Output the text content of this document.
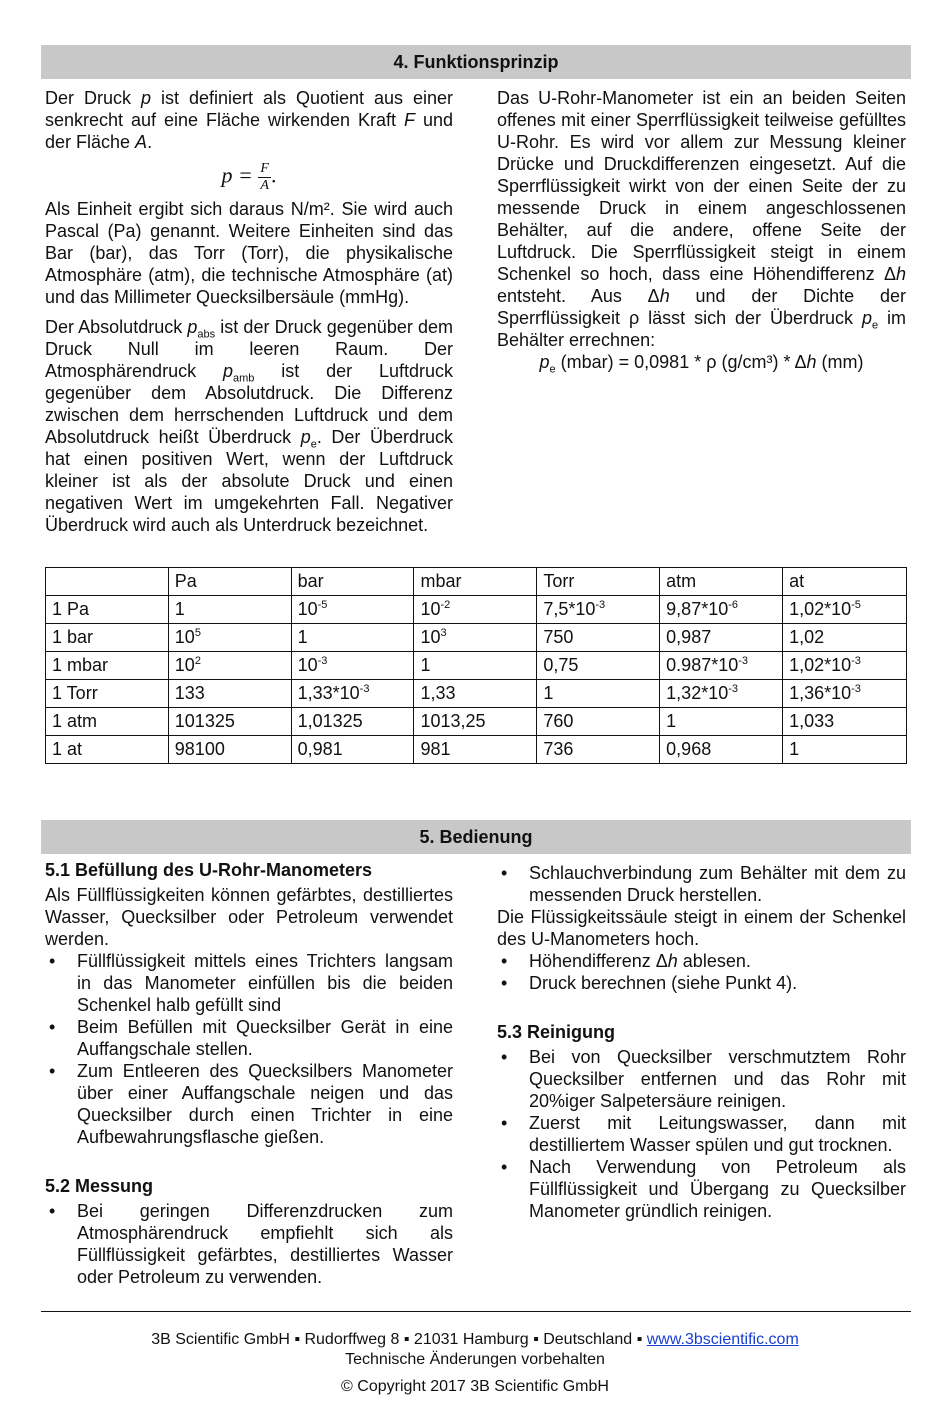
4. Funktionsprinzip

Der Druck p ist definiert als Quotient aus einer senkrecht auf eine Fläche wirkenden Kraft F und der Fläche A.

$p = \frac{F}{A}$ .

Als Einheit ergibt sich daraus N/m². Sie wird auch Pascal (Pa) genannt. Weitere Einheiten sind das Bar (bar), das Torr (Torr), die physikalische Atmosphäre (atm), die technische Atmosphäre (at) und das Millimeter Quecksilbersäule (mmHg).

Der Absolutdruck $p_{abs}$ ist der Druck gegenüber dem Druck Null im leeren Raum. Der Atmosphärendruck $p_{amb}$ ist der Luftdruck gegenüber dem Absolutdruck. Die Differenz zwischen dem herrschenden Luftdruck und dem Absolutdruck heißt Überdruck $p_e$. Der Überdruck hat einen positiven Wert, wenn der Luftdruck kleiner ist als der absolute Druck und einen negativen Wert im umgekehrten Fall. Negativer Überdruck wird auch als Unterdruck bezeichnet.

Das U-Rohr-Manometer ist ein an beiden Seiten offenes mit einer Sperrflüssigkeit teilweise gefülltes U-Rohr. Es wird vor allem zur Messung kleiner Drücke und Druckdifferenzen eingesetzt. Auf die Sperrflüssigkeit wirkt von der einen Seite der zu messende Druck in einem angeschlossenen Behälter, auf die andere, offene Seite der Luftdruck. Die Sperrflüssigkeit steigt in einem Schenkel so hoch, dass eine Höhendifferenz Δh entsteht. Aus Δh und der Dichte der Sperrflüssigkeit ρ lässt sich der Überdruck $p_e$ im Behälter errechnen:

$p_e$ (mbar) = 0,0981 * ρ (g/cm³) * Δh (mm)

	Pa	bar	mbar	Torr	atm	at
1 Pa	1	$10^{-5}$	$10^{-2}$	$7,5*10^{-3}$	$9,87*10^{-6}$	$1,02*10^{-5}$
1 bar	$10^5$	1	$10^3$	750	0,987	1,02
1 mbar	$10^2$	$10^{-3}$	1	0,75	$0.987*10^{-3}$	$1,02*10^{-3}$
1 Torr	133	$1,33*10^{-3}$	1,33	1	$1,32*10^{-3}$	$1,36*10^{-3}$
1 atm	101325	1,01325	1013,25	760	1	1,033
1 at	98100	0,981	981	736	0,968	1
5. Bedienung
5.1 Befüllung des U-Rohr-Manometers

Als Füllflüssigkeiten können gefärbtes, destilliertes Wasser, Quecksilber oder Petroleum verwendet werden.

• Füllflüssigkeit mittels eines Trichters langsam in das Manometer einfüllen bis die beiden Schenkel halb gefüllt sind
• Beim Befüllen mit Quecksilber Gerät in eine Auffangschale stellen.
• Zum Entleeren des Quecksilbers Manometer über einer Auffangschale neigen und das Quecksilber durch einen Trichter in eine Aufbewahrungsflasche gießen.
5.2 Messung
• Bei geringen Differenzdrucken zum Atmosphärendruck empfiehlt sich als Füllflüssigkeit gefärbtes, destilliertes Wasser oder Petroleum zu verwenden.
• Schlauchverbindung zum Behälter mit dem zu messenden Druck herstellen.

Die Flüssigkeitssäule steigt in einem der Schenkel des U-Manometers hoch.

• Höhendifferenz Δh ablesen.
• Druck berechnen (siehe Punkt 4).
5.3 Reinigung
• Bei von Quecksilber verschmutztem Rohr Quecksilber entfernen und das Rohr mit 20%iger Salpetersäure reinigen.
• Zuerst mit Leitungswasser, dann mit destilliertem Wasser spülen und gut trocknen.
• Nach Verwendung von Petroleum als Füllflüssigkeit und Übergang zu Quecksilber Manometer gründlich reinigen.
3B Scientific GmbH ▪ Rudorffweg 8 ▪ 21031 Hamburg ▪ Deutschland ▪ www.3bscientific.com
Technische Änderungen vorbehalten
© Copyright 2017 3B Scientific GmbH
